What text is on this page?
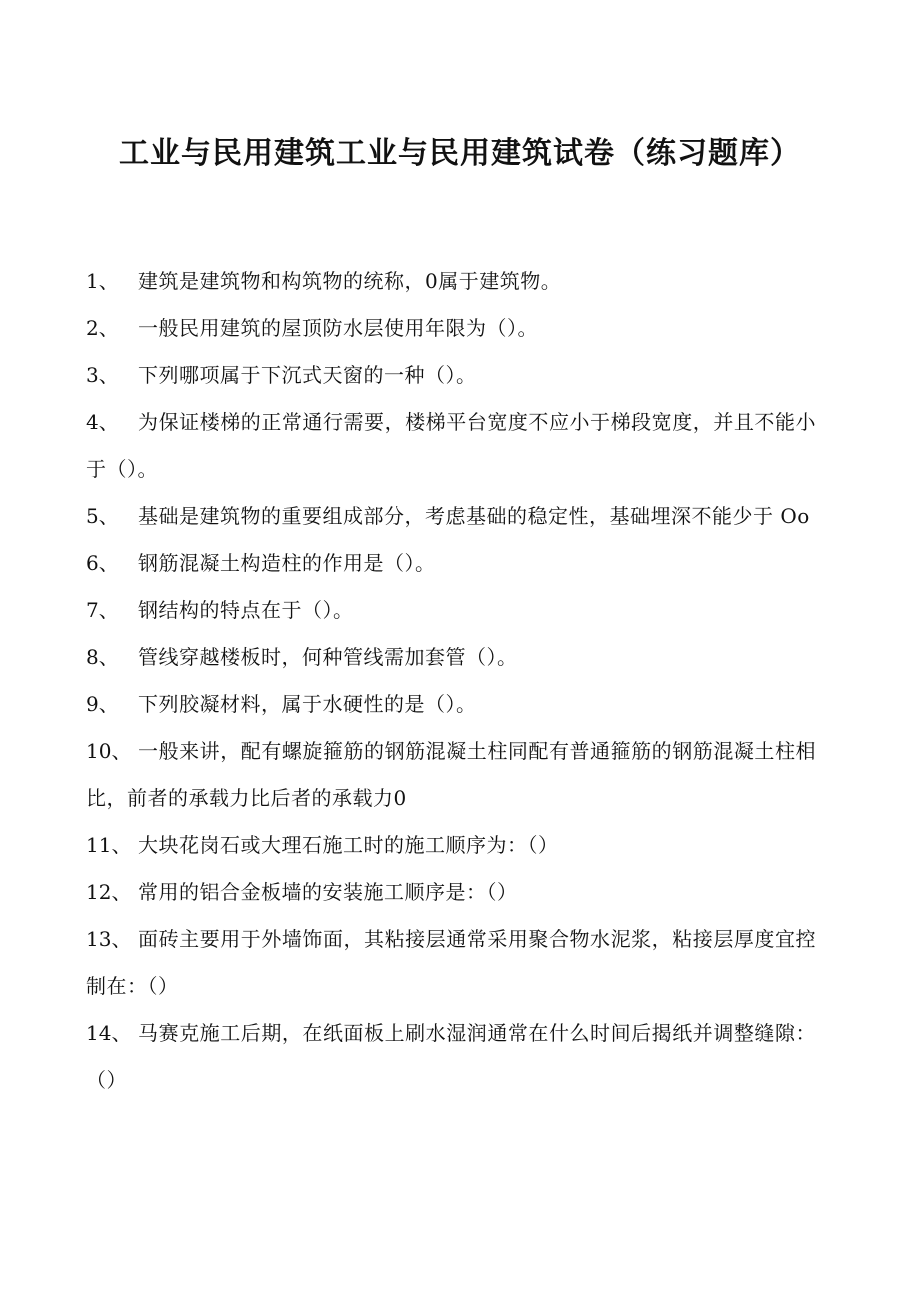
工业与民用建筑工业与民用建筑试卷（练习题库）
1、 建筑是建筑物和构筑物的统称，0属于建筑物。
2、 一般民用建筑的屋顶防水层使用年限为（）。
3、 下列哪项属于下沉式天窗的一种（）。
4、 为保证楼梯的正常通行需要，楼梯平台宽度不应小于梯段宽度，并且不能小于（）。
5、 基础是建筑物的重要组成部分，考虑基础的稳定性，基础埋深不能少于 Oo
6、 钢筋混凝土构造柱的作用是（）。
7、 钢结构的特点在于（）。
8、 管线穿越楼板时，何种管线需加套管（）。
9、 下列胶凝材料，属于水硬性的是（）。
10、 一般来讲，配有螺旋箍筋的钢筋混凝土柱同配有普通箍筋的钢筋混凝土柱相比，前者的承载力比后者的承载力0
11、 大块花岗石或大理石施工时的施工顺序为：（）
12、 常用的铝合金板墙的安装施工顺序是：（）
13、 面砖主要用于外墙饰面，其粘接层通常采用聚合物水泥浆，粘接层厚度宜控制在：（）
14、 马赛克施工后期，在纸面板上刷水湿润通常在什么时间后揭纸并调整缝隙：（）
